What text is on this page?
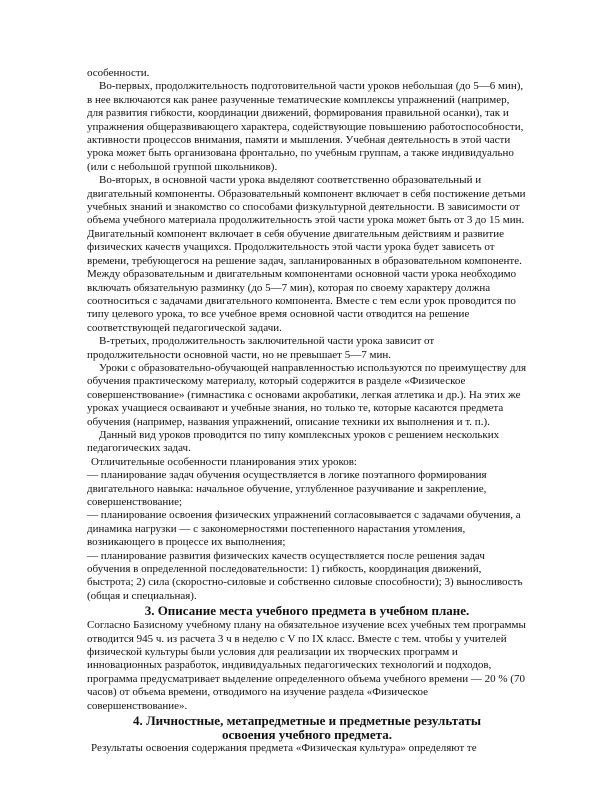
особенности.

Во-первых, продолжительность подготовительной части уроков небольшая (до 5—6 мин), в нее включаются как ранее разученные тематические комплексы упражнений (например, для развития гибкости, координации движений, формирования правильной осанки), так и упражнения общеразвивающего характера, содействующие повышению работоспособности, активности процессов внимания, памяти и мышления. Учебная деятельность в этой части урока может быть организована фронтально, по учебным группам, а также индивидуально (или с небольшой группой школьников).

Во-вторых, в основной части урока выделяют соответственно образовательный и двигательный компоненты. Образовательный компонент включает в себя постижение детьми учебных знаний и знакомство со способами физкультурной деятельности. В зависимости от объема учебного материала продолжительность этой части урока может быть от 3 до 15 мин. Двигательный компонент включает в себя обучение двигательным действиям и развитие физических качеств учащихся. Продолжительность этой части урока будет зависеть от времени, требующегося на решение задач, запланированных в образовательном компоненте. Между образовательным и двигательным компонентами основной части урока необходимо включать обязательную разминку (до 5—7 мин), которая по своему характеру должна соотноситься с задачами двигательного компонента. Вместе с тем если урок проводится по типу целевого урока, то все учебное время основной части отводится на решение соответствующей педагогической задачи.

В-третьих, продолжительность заключительной части урока зависит от продолжительности основной части, но не превышает 5—7 мин.

Уроки с образовательно-обучающей направленностью используются по преимуществу для обучения практическому материалу, который содержится в разделе «Физическое совершенствование» (гимнастика с основами акробатики, легкая атлетика и др.). На этих же уроках учащиеся осваивают и учебные знания, но только те, которые касаются предмета обучения (например, названия упражнений, описание техники их выполнения и т. п.).

Данный вид уроков проводится по типу комплексных уроков с решением нескольких педагогических задач.

Отличительные особенности планирования этих уроков:

— планирование задач обучения осуществляется в логике поэтапного формирования двигательного навыка: начальное обучение, углубленное разучивание и закрепление, совершенствование;

— планирование освоения физических упражнений согласовывается с задачами обучения, а динамика нагрузки — с закономерностями постепенного нарастания утомления, возникающего в процессе их выполнения;

— планирование развития физических качеств осуществляется после решения задач обучения в определенной последовательности: 1) гибкость, координация движений, быстрота; 2) сила (скоростно-силовые и собственно силовые способности); 3) выносливость (общая и специальная).

3. Описание места учебного предмета в учебном плане.

Согласно Базисному учебному плану на обязательное изучение всех учебных тем программы отводится 945 ч. из расчета 3 ч в неделю с V по IX класс. Вместе с тем. чтобы у учителей физической культуры были условия для реализации их творческих программ и инновационных разработок, индивидуальных педагогических технологий и подходов, программа предусматривает выделение определенного объема учебного времени — 20 % (70 часов) от объема времени, отводимого на изучение раздела «Физическое совершенствование».

4. Личностные, метапредметные и предметные результаты
освоения учебного предмета.

Результаты освоения содержания предмета «Физическая культура» определяют те
